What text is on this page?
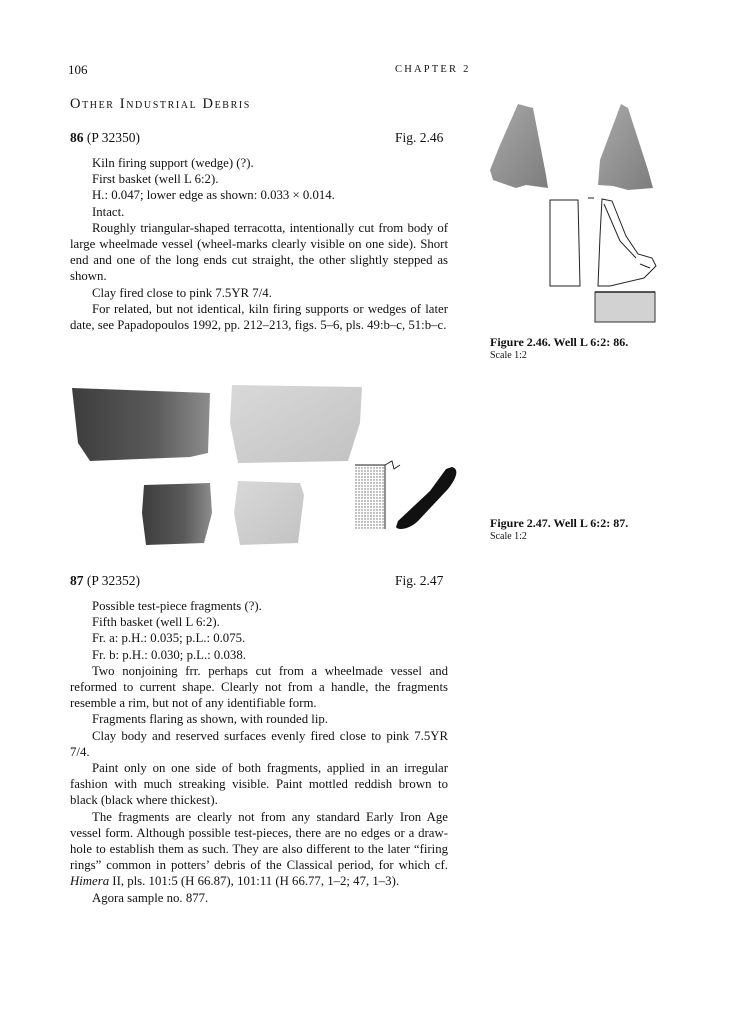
106	CHAPTER 2
Other Industrial Debris
86 (P 32350)	Fig. 2.46

Kiln firing support (wedge) (?).

First basket (well L 6:2).

H.: 0.047; lower edge as shown: 0.033 × 0.014.

Intact.

Roughly triangular-shaped terracotta, intentionally cut from body of large wheelmade vessel (wheel-marks clearly visible on one side). Short end and one of the long ends cut straight, the other slightly stepped as shown.

Clay fired close to pink 7.5YR 7/4.

For related, but not identical, kiln firing supports or wedges of later date, see Papadopoulos 1992, pp. 212–213, figs. 5–6, pls. 49:b–c, 51:b–c.

Figure 2.46. Well L 6:2: 86.
Scale 1:2
Figure 2.47. Well L 6:2: 87.
Scale 1:2
87 (P 32352)	Fig. 2.47

Possible test-piece fragments (?).

Fifth basket (well L 6:2).

Fr. a: p.H.: 0.035; p.L.: 0.075.

Fr. b: p.H.: 0.030; p.L.: 0.038.

Two nonjoining frr. perhaps cut from a wheelmade vessel and reformed to current shape. Clearly not from a handle, the fragments resemble a rim, but not of any identifiable form.

Fragments flaring as shown, with rounded lip.

Clay body and reserved surfaces evenly fired close to pink 7.5YR 7/4.

Paint only on one side of both fragments, applied in an irregular fashion with much streaking visible. Paint mottled reddish brown to black (black where thickest).

The fragments are clearly not from any standard Early Iron Age vessel form. Although possible test-pieces, there are no edges or a draw-hole to establish them as such. They are also different to the later “firing rings” common in potters’ debris of the Classical period, for which cf. Himera II, pls. 101:5 (H 66.87), 101:11 (H 66.77, 1–2; 47, 1–3).

Agora sample no. 877.
